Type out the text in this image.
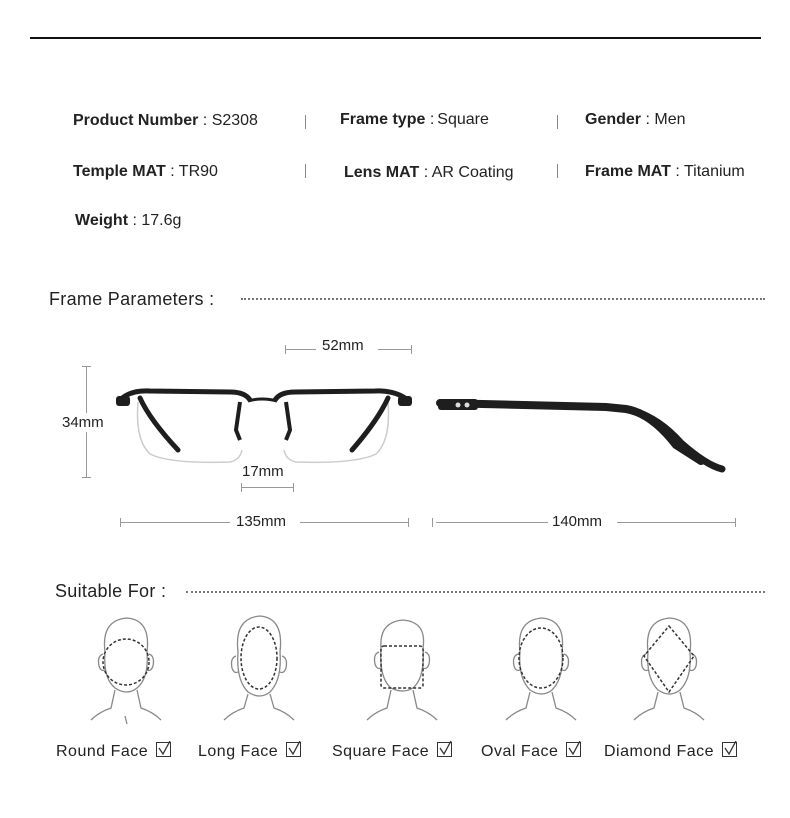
Product Number : S2308	Frame type : Square	Gender : Men
Temple MAT : TR90	Lens MAT : AR Coating	Frame MAT : Titanium
Weight : 17.6g
Frame Parameters :
52mm
34mm
17mm
135mm	140mm
Suitable For :
Round Face	Long Face	Square Face	Oval Face	Diamond Face
